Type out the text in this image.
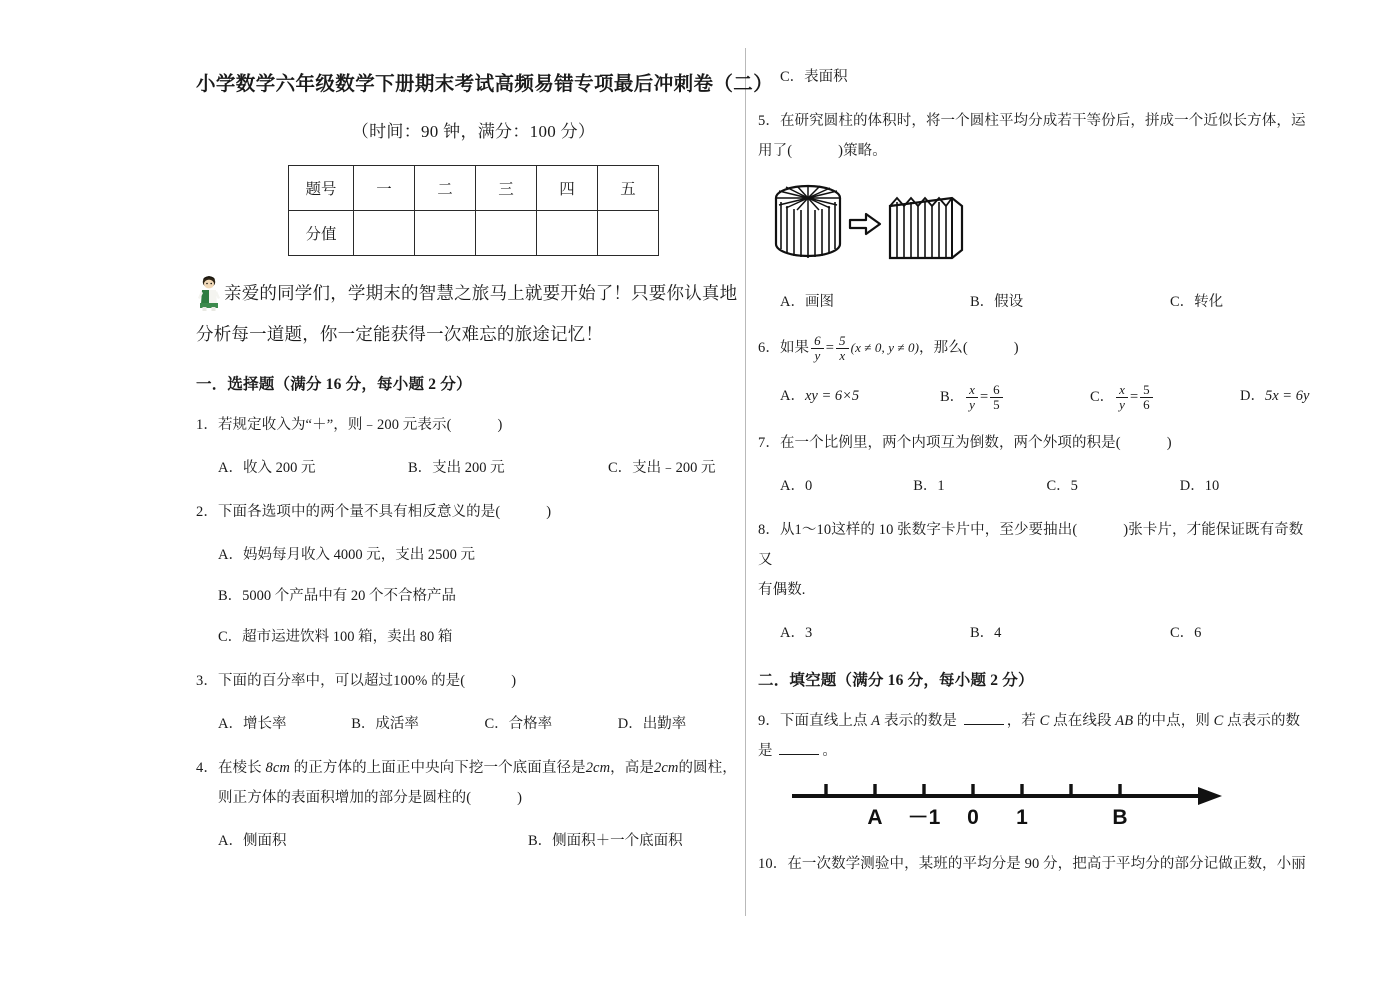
小学数学六年级数学下册期末考试高频易错专项最后冲刺卷（二）
（时间：90 钟，满分：100 分）
题号	一	二	三	四	五
分值					
亲爱的同学们，学期末的智慧之旅马上就要开始了！只要你认真地分析每一道题，你一定能获得一次难忘的旅途记忆！
一．选择题（满分 16 分，每小题 2 分）
1．若规定收入为“＋”，则﹣200 元表示(	)
A．收入 200 元	B．支出 200 元	C．支出﹣200 元
2．下面各选项中的两个量不具有相反意义的是(	)
A．妈妈每月收入 4000 元，支出 2500 元
B．5000 个产品中有 20 个不合格产品
C．超市运进饮料 100 箱，卖出 80 箱
3．下面的百分率中，可以超过100% 的是(	)
A．增长率	B．成活率	C．合格率	D．出勤率
4．在棱长 8cm 的正方体的上面正中央向下挖一个底面直径是2cm，高是2cm的圆柱，
则正方体的表面积增加的部分是圆柱的(	)
A．侧面积	B．侧面积＋一个底面积
C．表面积
5．在研究圆柱的体积时，将一个圆柱平均分成若干等份后，拼成一个近似长方体，运
用了(	)策略。
A．画图	B．假设	C．转化
6．如果 $\frac{6}{y} = \frac{5}{x} (x \ne 0$, y ≠ 0)，那么(	)
A．xy = 6×5	B． $\frac{x}{y} = \frac{6}{5}$	C． $\frac{x}{y} = \frac{5}{6}$	D．5x = 6y
7．在一个比例里，两个内项互为倒数，两个外项的积是(	)
A．0	B．1	C．5	D．10
8．从1～10这样的 10 张数字卡片中，至少要抽出(	)张卡片，才能保证既有奇数又
有偶数.
A．3	B．4	C．6
二．填空题（满分 16 分，每小题 2 分）
9．下面直线上点 A 表示的数是	，若 C 点在线段 AB 的中点，则 C 点表示的数
是	。
A －1 0 1	B
10．在一次数学测验中，某班的平均分是 90 分，把高于平均分的部分记做正数，小丽
